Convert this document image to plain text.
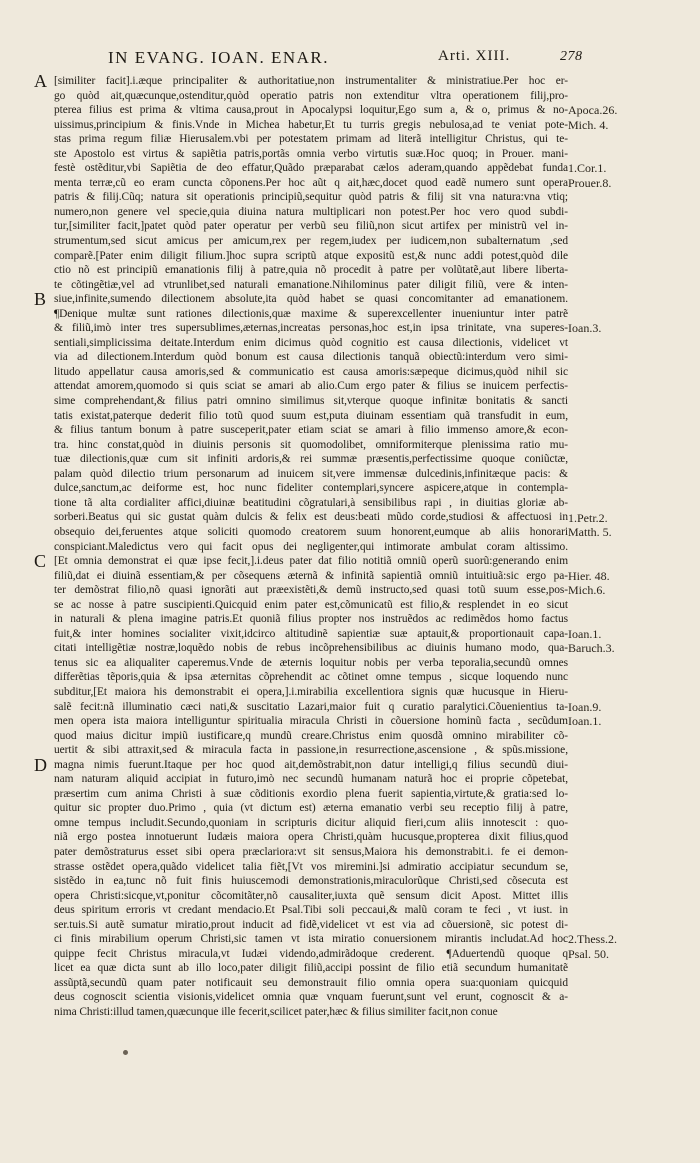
IN EVANG. IOAN. ENAR.	Arti. XIII.	278
A
B
C
D
[similiter facit].i.æque principaliter & authoritatiue,non instrumentaliter & ministratiue.Per hoc er-
go quòd ait,quæcunque,ostenditur,quòd operatio patris non extenditur vltra operationem filij,pro-
pterea filius est prima & vltima causa,prout in Apocalypsi loquitur,Ego sum a, & o, primus & no-
uissimus,principium & finis.Vnde in Michea habetur,Et tu turris gregis nebulosa,ad te veniat pote-
stas prima regum filiæ Hierusalem.vbi per potestatem primam ad literã intelligitur Christus, qui te-
ste Apostolo est virtus & sapiẽtia patris,portãs omnia verbo virtutis suæ.Hoc quoq; in Prouer. mani-
festè ostẽditur,vbi Sapiẽtia de deo effatur,Quãdo præparabat cælos aderam,quando appẽdebat funda
menta terræ,cũ eo eram cuncta cõponens.Per hoc aũt q ait,hæc,docet quod eadẽ numero sunt opera
patris & filij.Cũq; natura sit operationis principiũ,sequitur quòd patris & filij sit vna natura:vna vtiq;
numero,non genere vel specie,quia diuina natura multiplicari non potest.Per hoc vero quod subdi-
tur,[similiter facit,]patet quòd pater operatur per verbũ seu filiũ,non sicut artifex per ministrũ vel in-
strumentum,sed sicut amicus per amicum,rex per regem,iudex per iudicem,non subalternatum ,sed
comparẽ.[Pater enim diligit filium.]hoc supra scriptũ atque expositũ est,& nunc addi potest,quòd dile
ctio nõ est principiũ emanationis filij à patre,quia nõ procedit à patre per volũtatẽ,aut libere liberta-
te cõtingẽtiæ,vel ad vtrunlibet,sed naturali emanatione.Nihilominus pater diligit filiũ, vere & inten-
siue,infinite,sumendo dilectionem absolute,ita quòd habet se quasi concomitanter ad emanationem.
¶Denique multæ sunt rationes dilectionis,quæ maxime & superexcellenter inueniuntur inter patrẽ
& filiũ,imò inter tres supersublimes,æternas,increatas personas,hoc est,in ipsa trinitate, vna superes-
sentiali,simplicissima deitate.Interdum enim dicimus quòd cognitio est causa dilectionis, videlicet vt
via ad dilectionem.Interdum quòd bonum est causa dilectionis tanquã obiectũ:interdum vero simi-
litudo appellatur causa amoris,sed & communicatio est causa amoris:sæpeque dicimus,quòd nihil sic
attendat amorem,quomodo si quis sciat se amari ab alio.Cum ergo pater & filius se inuicem perfectis-
sime comprehendant,& filius patri omnino similimus sit,vterque quoque infinitæ bonitatis & sancti
tatis existat,paterque dederit filio totũ quod suum est,puta diuinam essentiam quã transfudit in eum,
& filius tantum bonum à patre susceperit,pater etiam sciat se amari à filio immenso amore,& econ-
tra. hinc constat,quòd in diuinis personis sit quomodolibet, omniformiterque plenissima ratio mu-
tuæ dilectionis,quæ cum sit infiniti ardoris,& rei summæ præsentis,perfectissime quoque coniũctæ,
palam quòd dilectio trium personarum ad inuicem sit,vere immensæ dulcedinis,infinitæque pacis: &
dulce,sanctum,ac deiforme est, hoc nunc fideliter contemplari,syncere aspicere,atque in contempla-
tione tã alta cordialiter affici,diuinæ beatitudini cõgratulari,à sensibilibus rapi , in diuitias gloriæ ab-
sorberi.Beatus qui sic gustat quàm dulcis & felix est deus:beati mũdo corde,studiosi & affectuosi in
obsequio dei,feruentes atque soliciti quomodo creatorem suum honorent,eumque ab aliis honorari
conspiciant.Maledictus vero qui facit opus dei negligenter,qui intimorate ambulat coram altissimo.
[Et omnia demonstrat ei quæ ipse fecit,].i.deus pater dat filio notitiã omniũ operũ suorũ:generando enim
filiũ,dat ei diuinã essentiam,& per cõsequens æternã & infinitã sapientiã omniũ intuitiuã:sic ergo pa-
ter demõstrat filio,nõ quasi ignorãti aut præexistẽti,& demũ instructo,sed quasi totũ suum esse,pos-
se ac nosse à patre suscipienti.Quicquid enim pater est,cõmunicatũ est filio,& resplendet in eo sicut
in naturali & plena imagine patris.Et quoniã filius propter nos instruẽdos ac redimẽdos homo factus
fuit,& inter homines socialiter vixit,idcirco altitudinẽ sapientiæ suæ aptauit,& proportionauit capa-
citati intelligẽtiæ nostræ,loquẽdo nobis de rebus incõprehensibilibus ac diuinis humano modo, qua-
tenus sic ea aliqualiter caperemus.Vnde de æternis loquitur nobis per verba teporalia,secundũ omnes
differẽtias tẽporis,quia & ipsa æternitas cõprehendit ac cõtinet omne tempus , sicque loquendo nunc
subditur,[Et maiora his demonstrabit ei opera,].i.mirabilia excellentiora signis quæ hucusque in Hieru-
salẽ fecit:nã illuminatio cæci nati,& suscitatio Lazari,maior fuit q curatio paralytici.Cõuenientius ta-
men opera ista maiora intelliguntur spiritualia miracula Christi in cõuersione hominũ facta , secũdum
quod maius dicitur impiũ iustificare,q mundũ creare.Christus enim quosdã omnino mirabiliter cõ-
uertit & sibi attraxit,sed & miracula facta in passione,in resurrectione,ascensione , & spũs.missione,
magna nimis fuerunt.Itaque per hoc quod ait,demõstrabit,non datur intelligi,q filius secundũ diui-
nam naturam aliquid accipiat in futuro,imò nec secundũ humanam naturã hoc ei proprie cõpetebat,
præsertim cum anima Christi à suæ cõditionis exordio plena fuerit sapientia,virtute,& gratia:sed lo-
quitur sic propter duo.Primo , quia (vt dictum est) æterna emanatio verbi seu receptio filij à patre,
omne tempus includit.Secundo,quoniam in scripturis dicitur aliquid fieri,cum aliis innotescit : quo-
niã ergo postea innotuerunt Iudæis maiora opera Christi,quàm hucusque,propterea dixit filius,quod
pater demõstraturus esset sibi opera præclariora:vt sit sensus,Maiora his demonstrabit.i. fe ei demon-
strasse ostẽdet opera,quãdo videlicet talia fiẽt,[Vt vos miremini.]si admiratio accipiatur secundum se,
sistẽdo in ea,tunc nõ fuit finis huiuscemodi demonstrationis,miraculorũque Christi,sed cõsecuta est
opera Christi:sicque,vt,ponitur cõcomitãter,nõ causaliter,iuxta quẽ sensum dicit Apost. Mittet illis
deus spiritum erroris vt credant mendacio.Et Psal.Tibi soli peccaui,& malũ coram te feci , vt iust. in
ser.tuis.Si autẽ sumatur miratio,prout inducit ad fidẽ,videlicet vt est via ad cõuersionẽ, sic potest di-
ci finis mirabilium operum Christi,sic tamen vt ista miratio conuersionem mirantis includat.Ad hoc
quippe fecit Christus miracula,vt Iudæi videndo,admirãdoque crederent. ¶Aduertendũ quoque q
licet ea quæ dicta sunt ab illo loco,pater diligit filiũ,accipi possint de filio etiã secundum humanitatẽ
assũptã,secundũ quam pater notificauit seu demonstrauit filio omnia opera sua:quoniam quicquid
deus cognoscit scientia visionis,videlicet omnia quæ vnquam fuerunt,sunt vel erunt, cognoscit & a-
nima Christi:illud tamen,quæcunque ille fecerit,scilicet pater,hæc & filius similiter facit,non conue
Apoca.26.
Mich. 4.
1.Cor.1.
Prouer.8.
Ioan.3.
1.Petr.2.
Matth. 5.
Hier. 48.
Mich.6.
Ioan.1.
Baruch.3.
Ioan.9.
Ioan.1.
2.Thess.2.
Psal. 50.
